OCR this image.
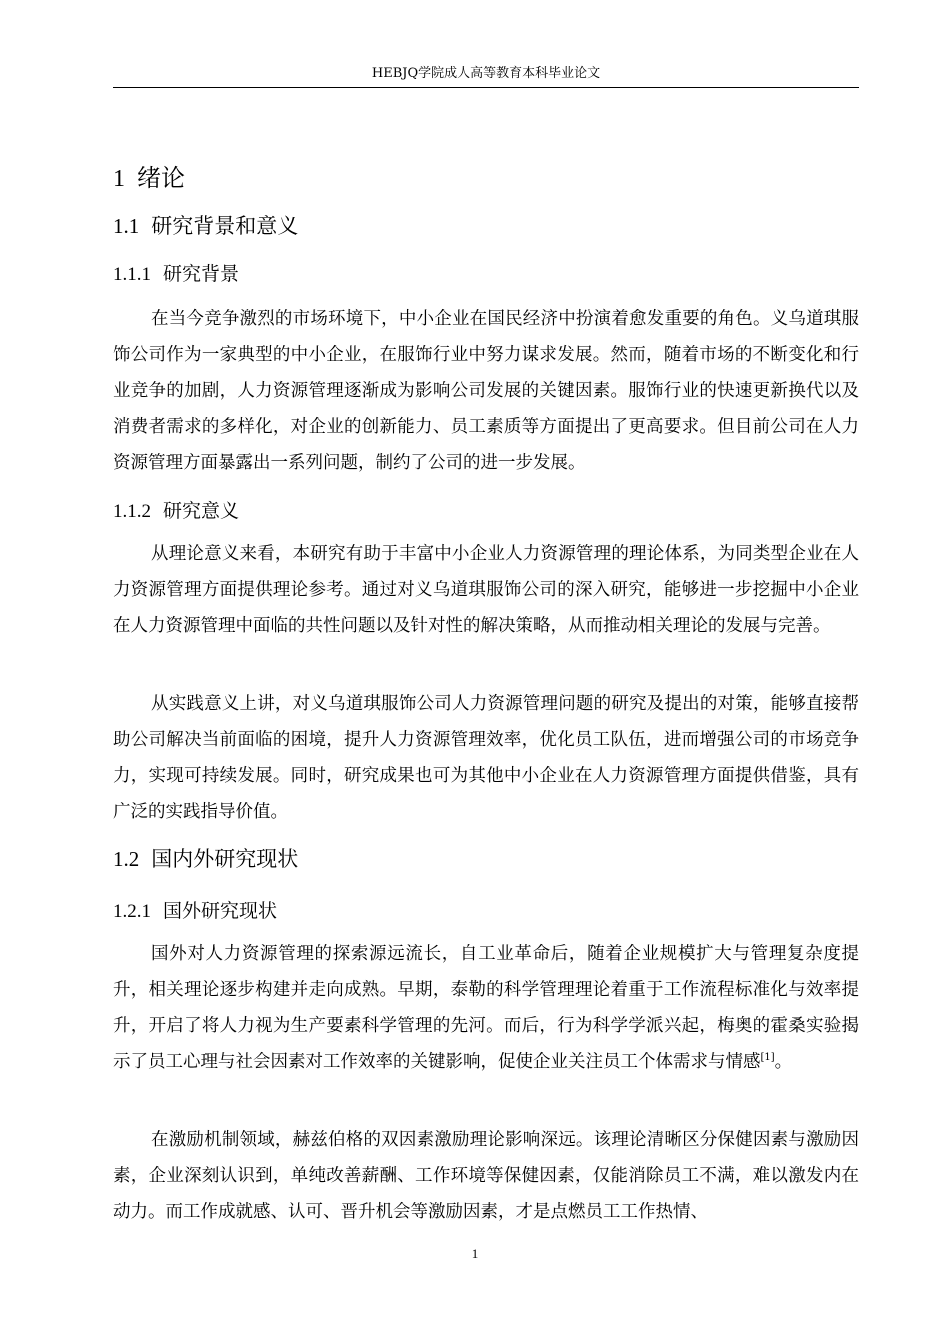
HEBJQ学院成人高等教育本科毕业论文
1 绪论
1.1 研究背景和意义
1.1.1 研究背景

在当今竞争激烈的市场环境下，中小企业在国民经济中扮演着愈发重要的角色。义乌道琪服饰公司作为一家典型的中小企业，在服饰行业中努力谋求发展。然而，随着市场的不断变化和行业竞争的加剧，人力资源管理逐渐成为影响公司发展的关键因素。服饰行业的快速更新换代以及消费者需求的多样化，对企业的创新能力、员工素质等方面提出了更高要求。但目前公司在人力资源管理方面暴露出一系列问题，制约了公司的进一步发展。

1.1.2 研究意义

从理论意义来看，本研究有助于丰富中小企业人力资源管理的理论体系，为同类型企业在人力资源管理方面提供理论参考。通过对义乌道琪服饰公司的深入研究，能够进一步挖掘中小企业在人力资源管理中面临的共性问题以及针对性的解决策略，从而推动相关理论的发展与完善。

从实践意义上讲，对义乌道琪服饰公司人力资源管理问题的研究及提出的对策，能够直接帮助公司解决当前面临的困境，提升人力资源管理效率，优化员工队伍，进而增强公司的市场竞争力，实现可持续发展。同时，研究成果也可为其他中小企业在人力资源管理方面提供借鉴，具有广泛的实践指导价值。

1.2 国内外研究现状
1.2.1 国外研究现状

国外对人力资源管理的探索源远流长，自工业革命后，随着企业规模扩大与管理复杂度提升，相关理论逐步构建并走向成熟。早期，泰勒的科学管理理论着重于工作流程标准化与效率提升，开启了将人力视为生产要素科学管理的先河。而后，行为科学学派兴起，梅奥的霍桑实验揭示了员工心理与社会因素对工作效率的关键影响，促使企业关注员工个体需求与情感[1]。

在激励机制领域，赫兹伯格的双因素激励理论影响深远。该理论清晰区分保健因素与激励因素，企业深刻认识到，单纯改善薪酬、工作环境等保健因素，仅能消除员工不满，难以激发内在动力。而工作成就感、认可、晋升机会等激励因素，才是点燃员工工作热情、

1
